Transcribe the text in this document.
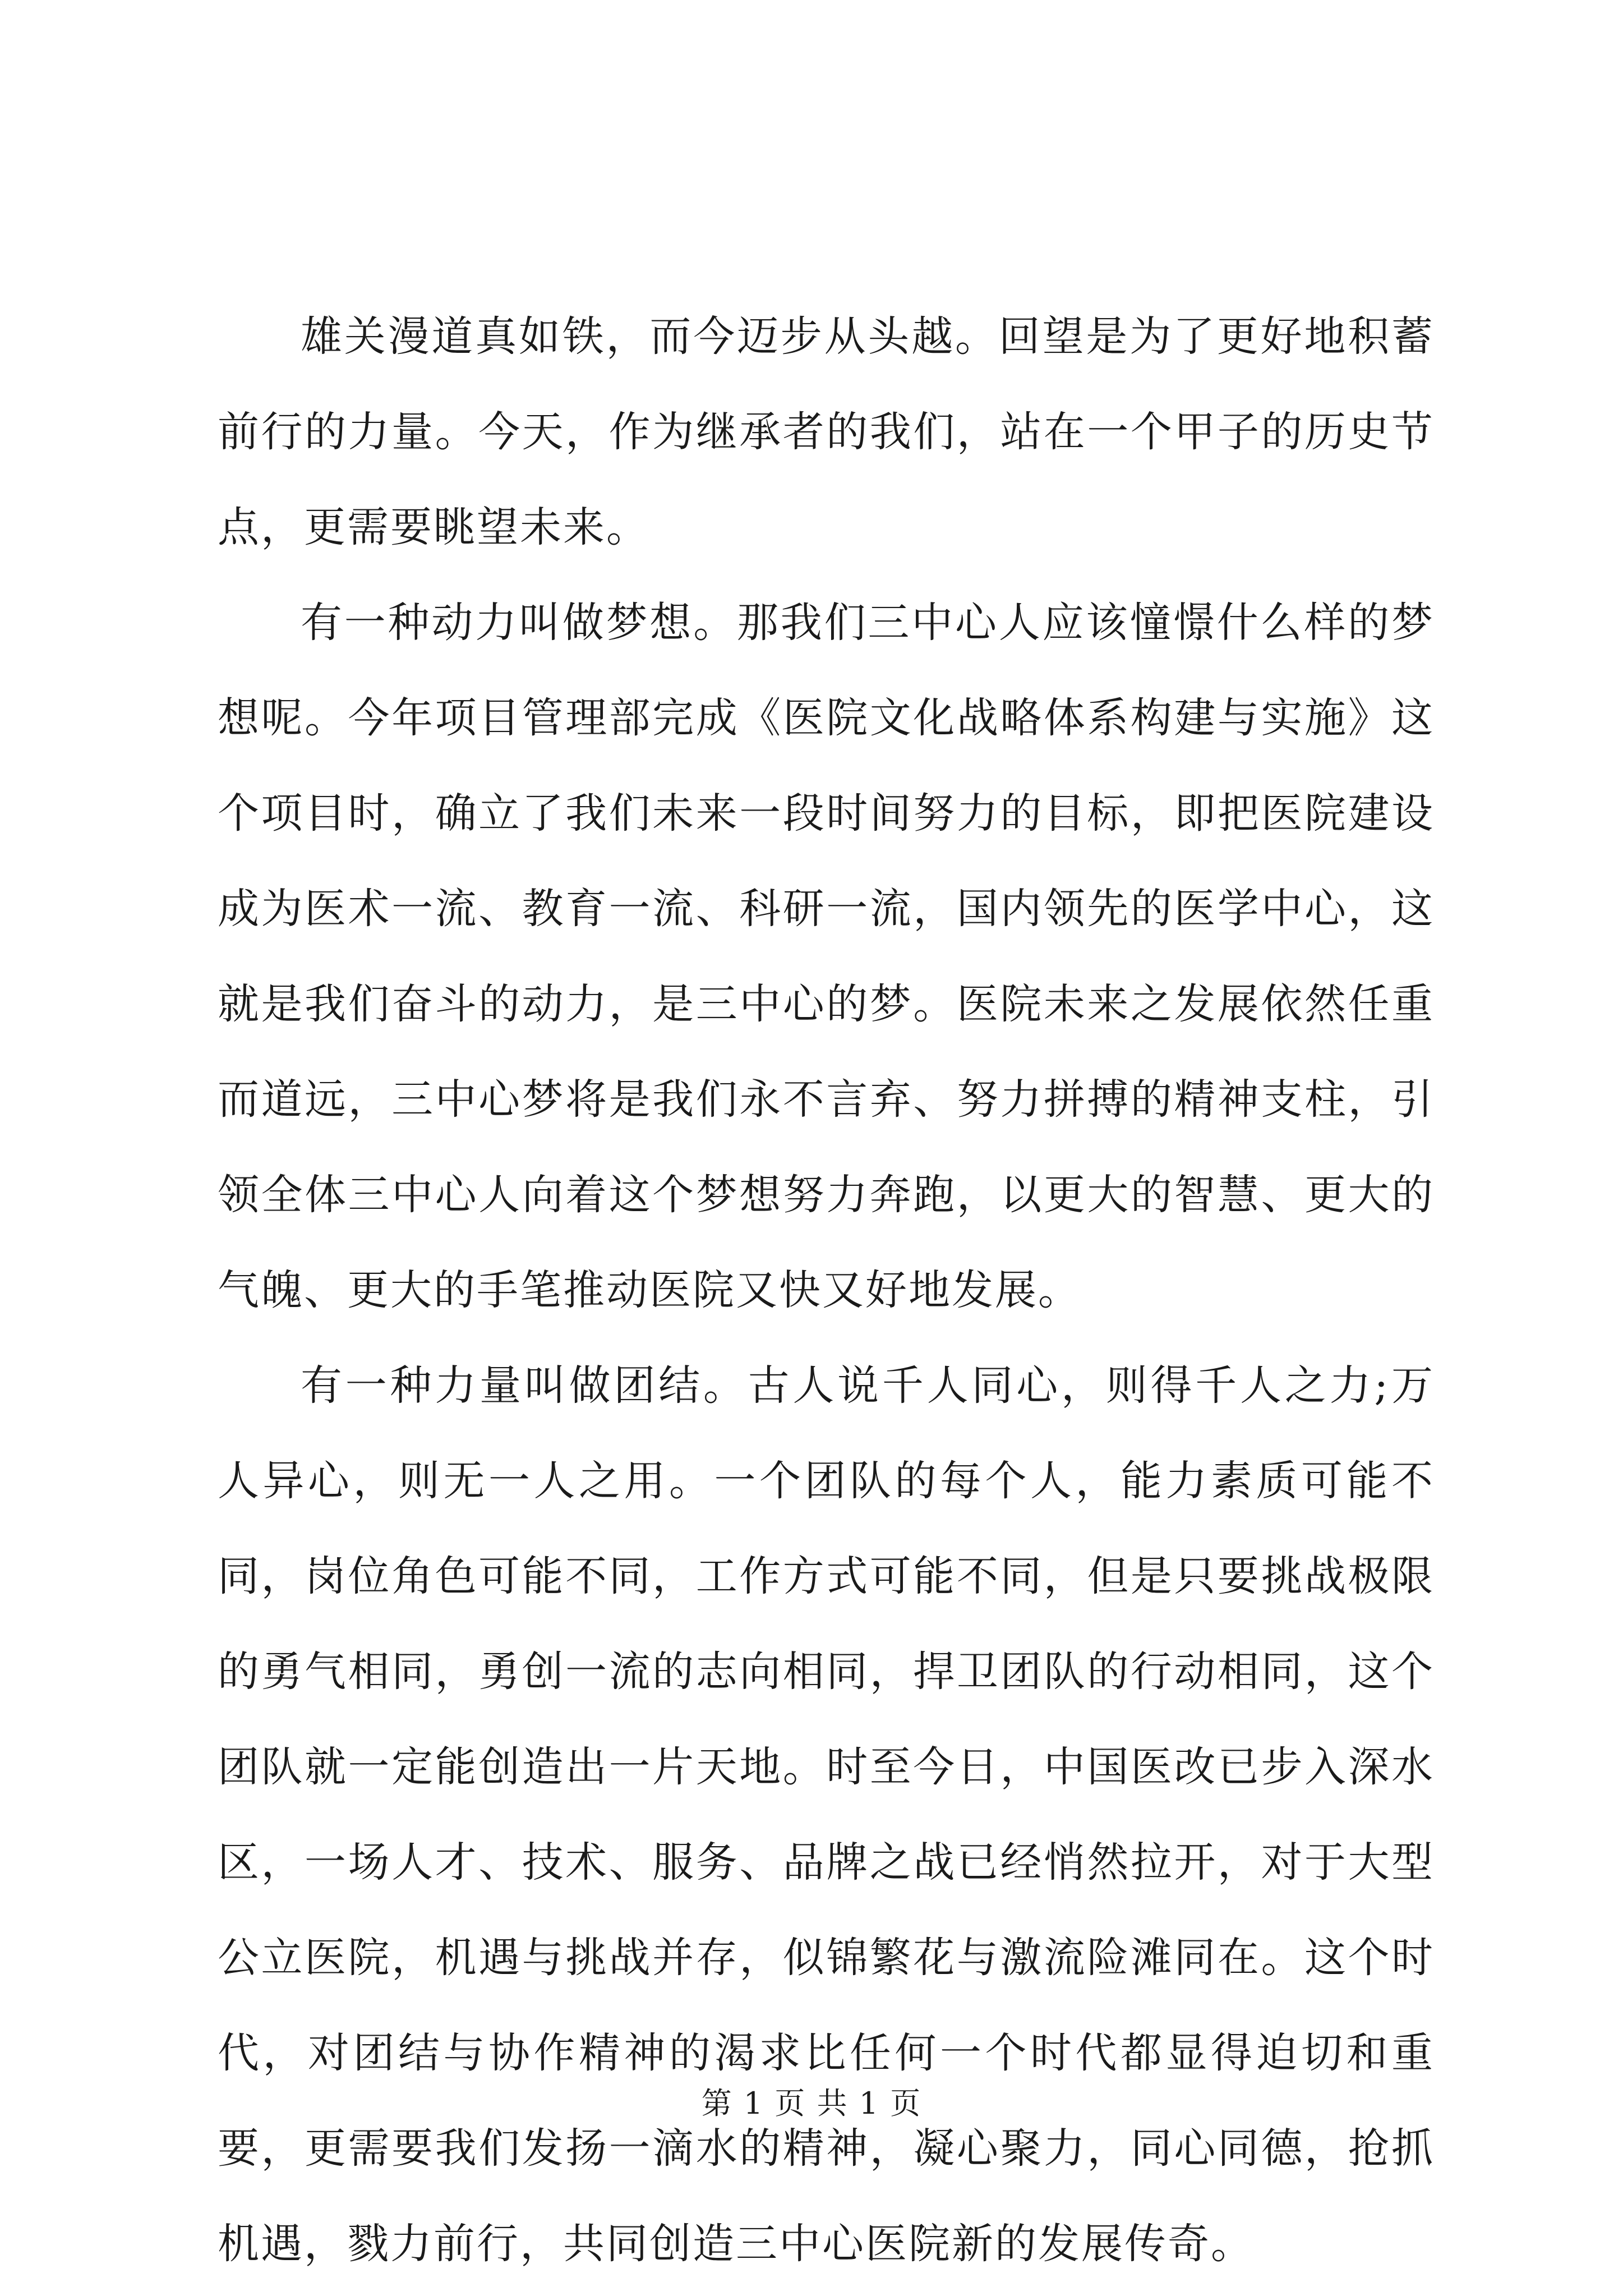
雄关漫道真如铁，而今迈步从头越。回望是为了更好地积蓄前行的力量。今天，作为继承者的我们，站在一个甲子的历史节点，更需要眺望未来。

有一种动力叫做梦想。那我们三中心人应该憧憬什么样的梦想呢。今年项目管理部完成《医院文化战略体系构建与实施》这个项目时，确立了我们未来一段时间努力的目标，即把医院建设成为医术一流、教育一流、科研一流，国内领先的医学中心，这就是我们奋斗的动力，是三中心的梦。医院未来之发展依然任重而道远，三中心梦将是我们永不言弃、努力拼搏的精神支柱，引领全体三中心人向着这个梦想努力奔跑，以更大的智慧、更大的气魄、更大的手笔推动医院又快又好地发展。

有一种力量叫做团结。古人说千人同心，则得千人之力;万人异心，则无一人之用。一个团队的每个人，能力素质可能不同，岗位角色可能不同，工作方式可能不同，但是只要挑战极限的勇气相同，勇创一流的志向相同，捍卫团队的行动相同，这个团队就一定能创造出一片天地。时至今日，中国医改已步入深水区，一场人才、技术、服务、品牌之战已经悄然拉开，对于大型公立医院，机遇与挑战并存，似锦繁花与激流险滩同在。这个时代，对团结与协作精神的渴求比任何一个时代都显得迫切和重要，更需要我们发扬一滴水的精神，凝心聚力，同心同德，抢抓机遇，戮力前行，共同创造三中心医院新的发展传奇。

第 1 页 共 1 页
